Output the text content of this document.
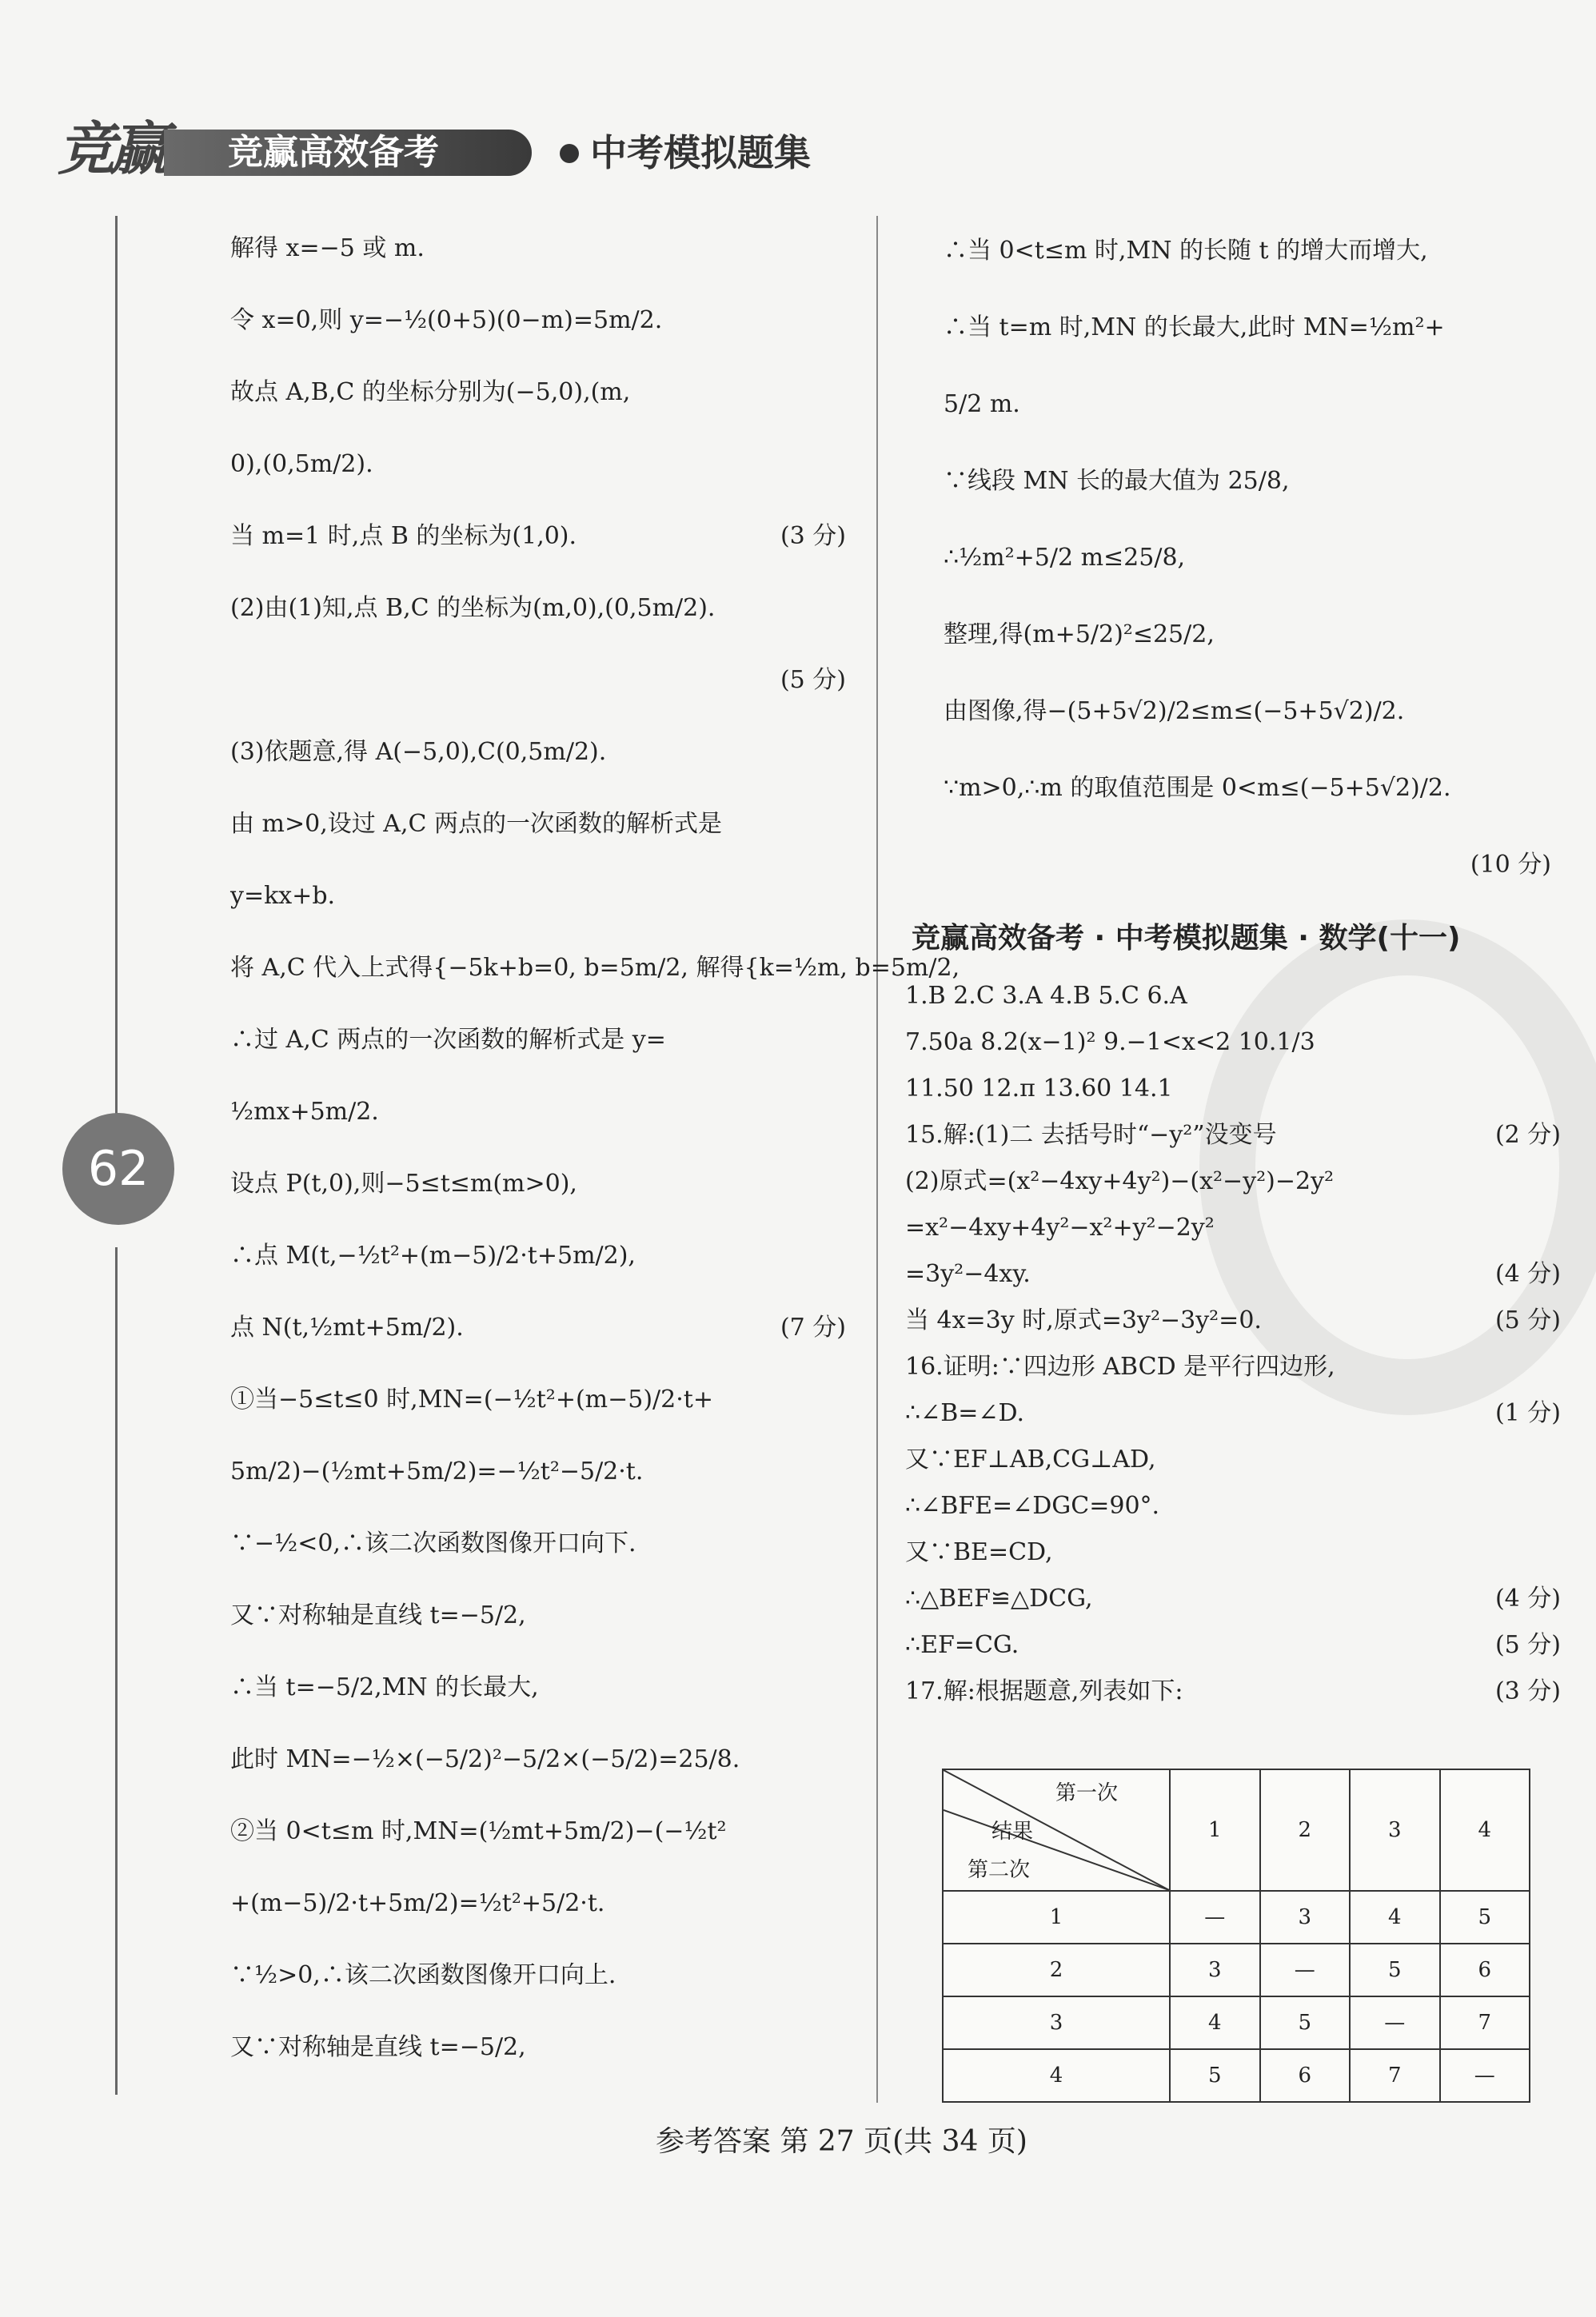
竞赢	竞赢高效备考	中考模拟题集
62
解得 x=−5 或 m.
令 x=0,则 y=−½(0+5)(0−m)=5m/2.
故点 A,B,C 的坐标分别为(−5,0),(m,
0),(0,5m/2).
当 m=1 时,点 B 的坐标为(1,0).	(3 分)
(2)由(1)知,点 B,C 的坐标为(m,0),(0,5m/2).
(5 分)
(3)依题意,得 A(−5,0),C(0,5m/2).
由 m>0,设过 A,C 两点的一次函数的解析式是
y=kx+b.
将 A,C 代入上式得{−5k+b=0, b=5m/2, 解得{k=½m, b=5m/2,
∴过 A,C 两点的一次函数的解析式是 y=
½mx+5m/2.
设点 P(t,0),则−5≤t≤m(m>0),
∴点 M(t,−½t²+(m−5)/2·t+5m/2),
点 N(t,½mt+5m/2).	(7 分)
①当−5≤t≤0 时,MN=(−½t²+(m−5)/2·t+
5m/2)−(½mt+5m/2)=−½t²−5/2·t.
∵−½<0,∴该二次函数图像开口向下.
又∵对称轴是直线 t=−5/2,
∴当 t=−5/2,MN 的长最大,
此时 MN=−½×(−5/2)²−5/2×(−5/2)=25/8.
②当 0<t≤m 时,MN=(½mt+5m/2)−(−½t²
+(m−5)/2·t+5m/2)=½t²+5/2·t.
∵½>0,∴该二次函数图像开口向上.
又∵对称轴是直线 t=−5/2,
∴当 0<t≤m 时,MN 的长随 t 的增大而增大,
∴当 t=m 时,MN 的长最大,此时 MN=½m²+
5/2 m.
∵线段 MN 长的最大值为 25/8,
∴½m²+5/2 m≤25/8,
整理,得(m+5/2)²≤25/2,
由图像,得−(5+5√2)/2≤m≤(−5+5√2)/2.
∵m>0,∴m 的取值范围是 0<m≤(−5+5√2)/2.
(10 分)
竞赢高效备考 · 中考模拟题集 · 数学(十一)
1.B 2.C 3.A 4.B 5.C 6.A
7.50a 8.2(x−1)² 9.−1<x<2 10.1/3
11.50 12.π 13.60 14.1
15.解:(1)二 去括号时“−y²”没变号	(2 分)
(2)原式=(x²−4xy+4y²)−(x²−y²)−2y²
=x²−4xy+4y²−x²+y²−2y²
=3y²−4xy.	(4 分)
当 4x=3y 时,原式=3y²−3y²=0.	(5 分)
16.证明:∵四边形 ABCD 是平行四边形,
∴∠B=∠D.	(1 分)
又∵EF⊥AB,CG⊥AD,
∴∠BFE=∠DGC=90°.
又∵BE=CD,
∴△BEF≌△DCG,	(4 分)
∴EF=CG.	(5 分)
17.解:根据题意,列表如下:	(3 分)
第一次
结果
第二次	1	2	3	4
1	—	3	4	5
2	3	—	5	6
3	4	5	—	7
4	5	6	7	—
参考答案 第 27 页(共 34 页)
